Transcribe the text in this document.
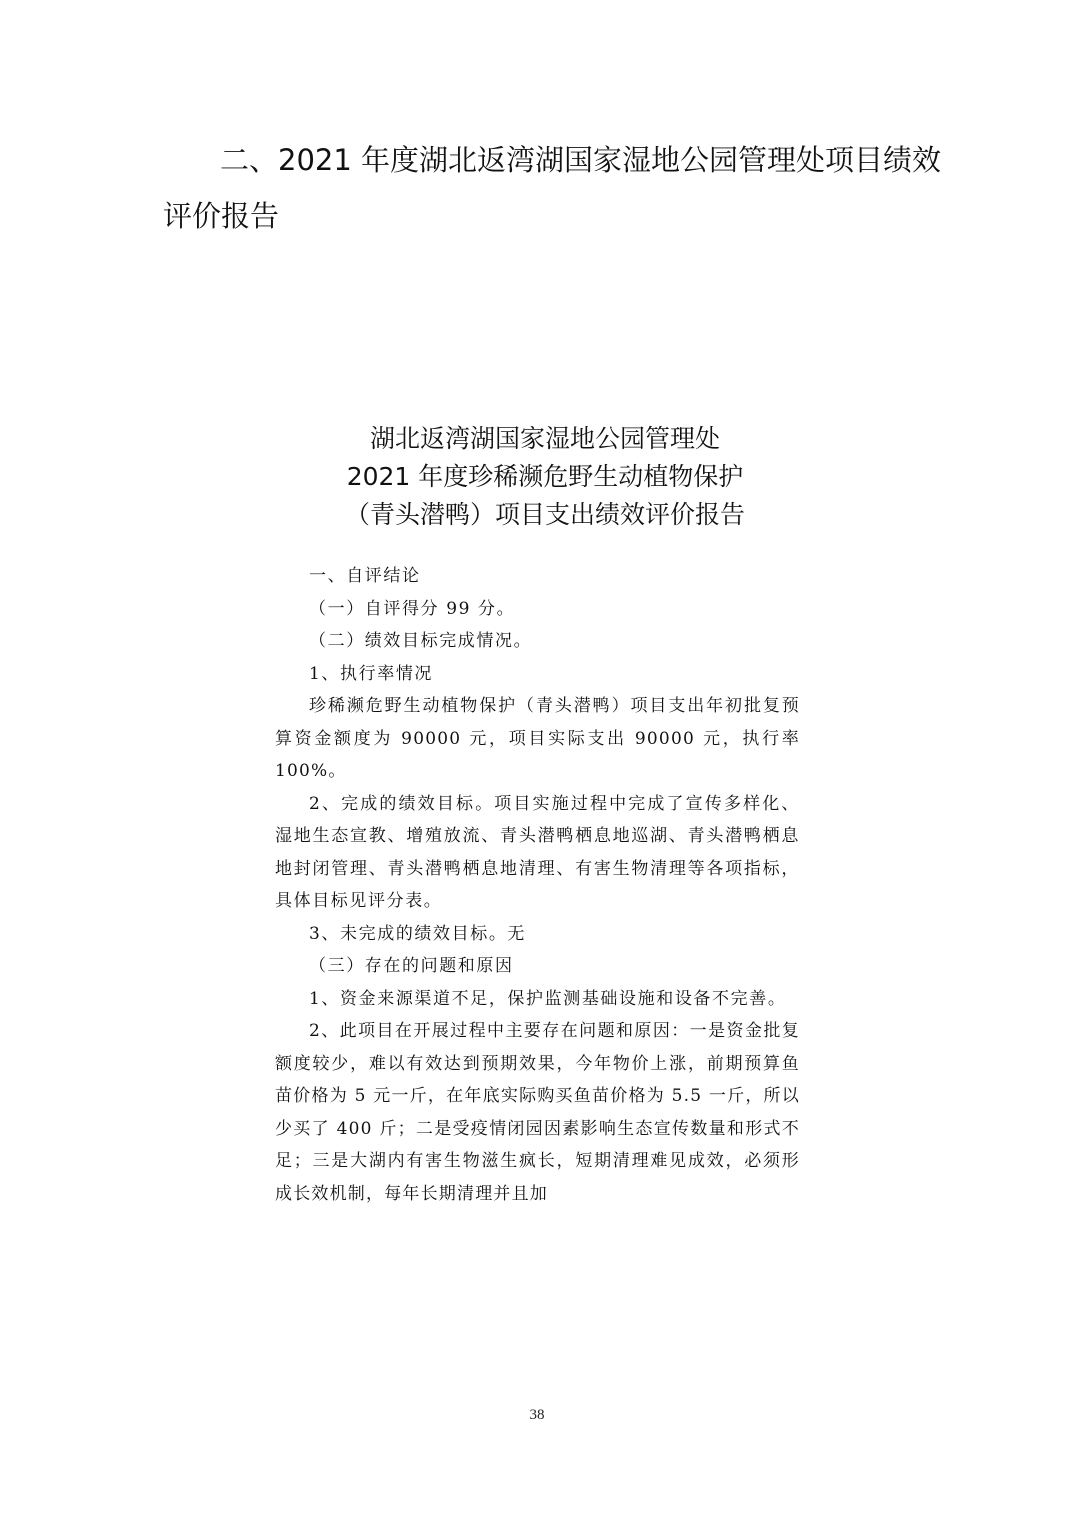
二、2021 年度湖北返湾湖国家湿地公园管理处项目绩效
评价报告
湖北返湾湖国家湿地公园管理处
2021 年度珍稀濒危野生动植物保护
（青头潜鸭）项目支出绩效评价报告

一、自评结论

（一）自评得分 99 分。

（二）绩效目标完成情况。

1、执行率情况

珍稀濒危野生动植物保护（青头潜鸭）项目支出年初批复预算资金额度为 90000 元，项目实际支出 90000 元，执行率 100%。

2、完成的绩效目标。项目实施过程中完成了宣传多样化、湿地生态宣教、增殖放流、青头潜鸭栖息地巡湖、青头潜鸭栖息地封闭管理、青头潜鸭栖息地清理、有害生物清理等各项指标，具体目标见评分表。

3、未完成的绩效目标。无

（三）存在的问题和原因

1、资金来源渠道不足，保护监测基础设施和设备不完善。

2、此项目在开展过程中主要存在问题和原因：一是资金批复额度较少，难以有效达到预期效果，今年物价上涨，前期预算鱼苗价格为 5 元一斤，在年底实际购买鱼苗价格为 5.5 一斤，所以少买了 400 斤；二是受疫情闭园因素影响生态宣传数量和形式不足；三是大湖内有害生物滋生疯长，短期清理难见成效，必须形成长效机制，每年长期清理并且加

38
